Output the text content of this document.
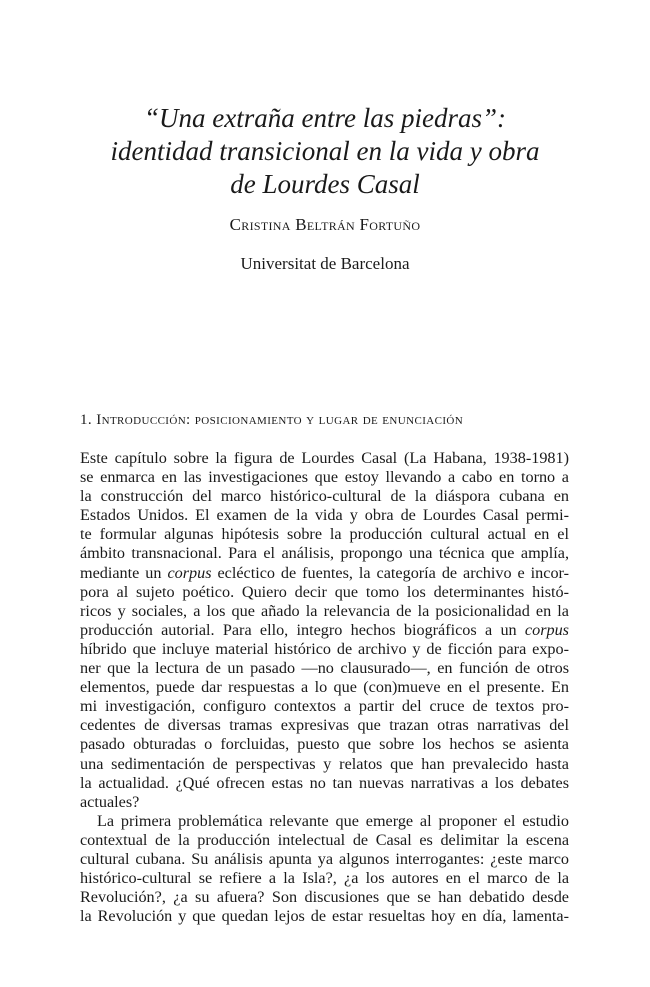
“Una extraña entre las piedras”:
identidad transicional en la vida y obra
de Lourdes Casal
Cristina Beltrán Fortuño
Universitat de Barcelona
1. Introducción: posicionamiento y lugar de enunciación
Este capítulo sobre la figura de Lourdes Casal (La Habana, 1938-1981)
se enmarca en las investigaciones que estoy llevando a cabo en torno a
la construcción del marco histórico-cultural de la diáspora cubana en
Estados Unidos. El examen de la vida y obra de Lourdes Casal permi-
te formular algunas hipótesis sobre la producción cultural actual en el
ámbito transnacional. Para el análisis, propongo una técnica que amplía,
mediante un corpus ecléctico de fuentes, la categoría de archivo e incor-
pora al sujeto poético. Quiero decir que tomo los determinantes histó-
ricos y sociales, a los que añado la relevancia de la posicionalidad en la
producción autorial. Para ello, integro hechos biográficos a un corpus
híbrido que incluye material histórico de archivo y de ficción para expo-
ner que la lectura de un pasado —no clausurado—, en función de otros
elementos, puede dar respuestas a lo que (con)mueve en el presente. En
mi investigación, configuro contextos a partir del cruce de textos pro-
cedentes de diversas tramas expresivas que trazan otras narrativas del
pasado obturadas o forcluidas, puesto que sobre los hechos se asienta
una sedimentación de perspectivas y relatos que han prevalecido hasta
la actualidad. ¿Qué ofrecen estas no tan nuevas narrativas a los debates
actuales?
La primera problemática relevante que emerge al proponer el estudio
contextual de la producción intelectual de Casal es delimitar la escena
cultural cubana. Su análisis apunta ya algunos interrogantes: ¿este marco
histórico-cultural se refiere a la Isla?, ¿a los autores en el marco de la
Revolución?, ¿a su afuera? Son discusiones que se han debatido desde
la Revolución y que quedan lejos de estar resueltas hoy en día, lamenta-
